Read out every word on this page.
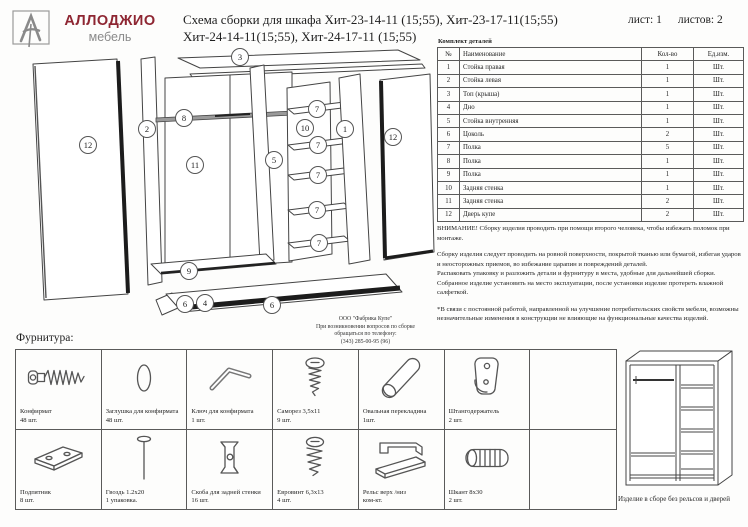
АЛЛОДЖИО
мебель
Схема сборки для шкафа Хит-23-14-11 (15;55), Хит-23-17-11(15;55)
Хит-24-14-11(15;55), Хит-24-17-11 (15;55)
лист: 1 листов: 2
12
2
8
11
3
5
10
7
7
7
7
7
1
12
9
6 4	6
ООО "Фабрика Купе"
При возникновении вопросов по сборке
обращаться по телефону:
(343) 285-00-95 (96)
Комплект деталей
№	Наименование	Кол-во	Ед.изм.
1	Стойка правая	1	Шт.
2	Стойка левая	1	Шт.
3	Топ (крыша)	1	Шт.
4	Дно	1	Шт.
5	Стойка внутренняя	1	Шт.
6	Цоколь	2	Шт.
7	Полка	5	Шт.
8	Полка	1	Шт.
9	Полка	1	Шт.
10	Задняя стенка	1	Шт.
11	Задняя стенка	2	Шт.
12	Дверь купе	2	Шт.
ВНИМАНИЕ! Сборку изделия проводить при помощи второго человека, чтобы избежать поломок при монтаже.
Сборку изделия следует проводить на ровной поверхности, покрытой тканью или бумагой, избегая ударов и неосторожных приемов, во избежание царапин и повреждений деталей.
Распаковать упаковку и разложить детали и фурнитуру в места, удобные для дальнейшей сборки.
Собранное изделие установить на место эксплуатации, после установки изделие протереть влажной салфеткой.
*В связи с постоянной работой, направленной на улучшение потребительских свойств мебели, возможны незначительные изменения в конструкции не влияющие на функциональные качества изделий.
Фурнитура:
Конфирмат
48 шт.
Заглушка для конфирмата
48 шт.
Ключ для конфирмата
1 шт.
Саморез 3,5х11
9 шт.
Овальная перекладина
1шт.
Штангодержатель
2 шт.
Подпятник
8 шт.
Гвоздь 1.2х20
1 упаковка.
Скоба для задней стенки
16 шт.
Евровинт 6,3х13
4 шт.
Рельс верх /низ
ком-кт.
Шкант 8х30
2 шт.	Изделие в сборе без рельсов и дверей
